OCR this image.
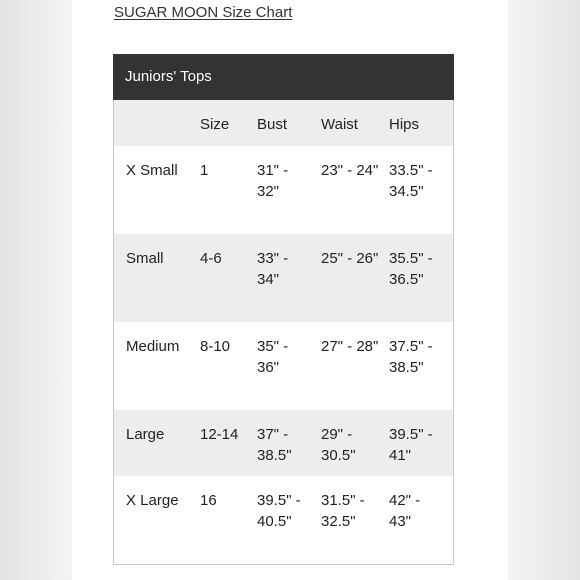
SUGAR MOON Size Chart
Juniors' Tops
	Size	Bust	Waist	Hips
X Small	1	31" - 32"	23" - 24"	33.5" - 34.5"
Small	4-6	33" - 34"	25" - 26"	35.5" - 36.5"
Medium	8-10	35" - 36"	27" - 28"	37.5" - 38.5"
Large	12-14	37" - 38.5"	29" - 30.5"	39.5" - 41"
X Large	16	39.5" - 40.5"	31.5" - 32.5"	42" - 43"
